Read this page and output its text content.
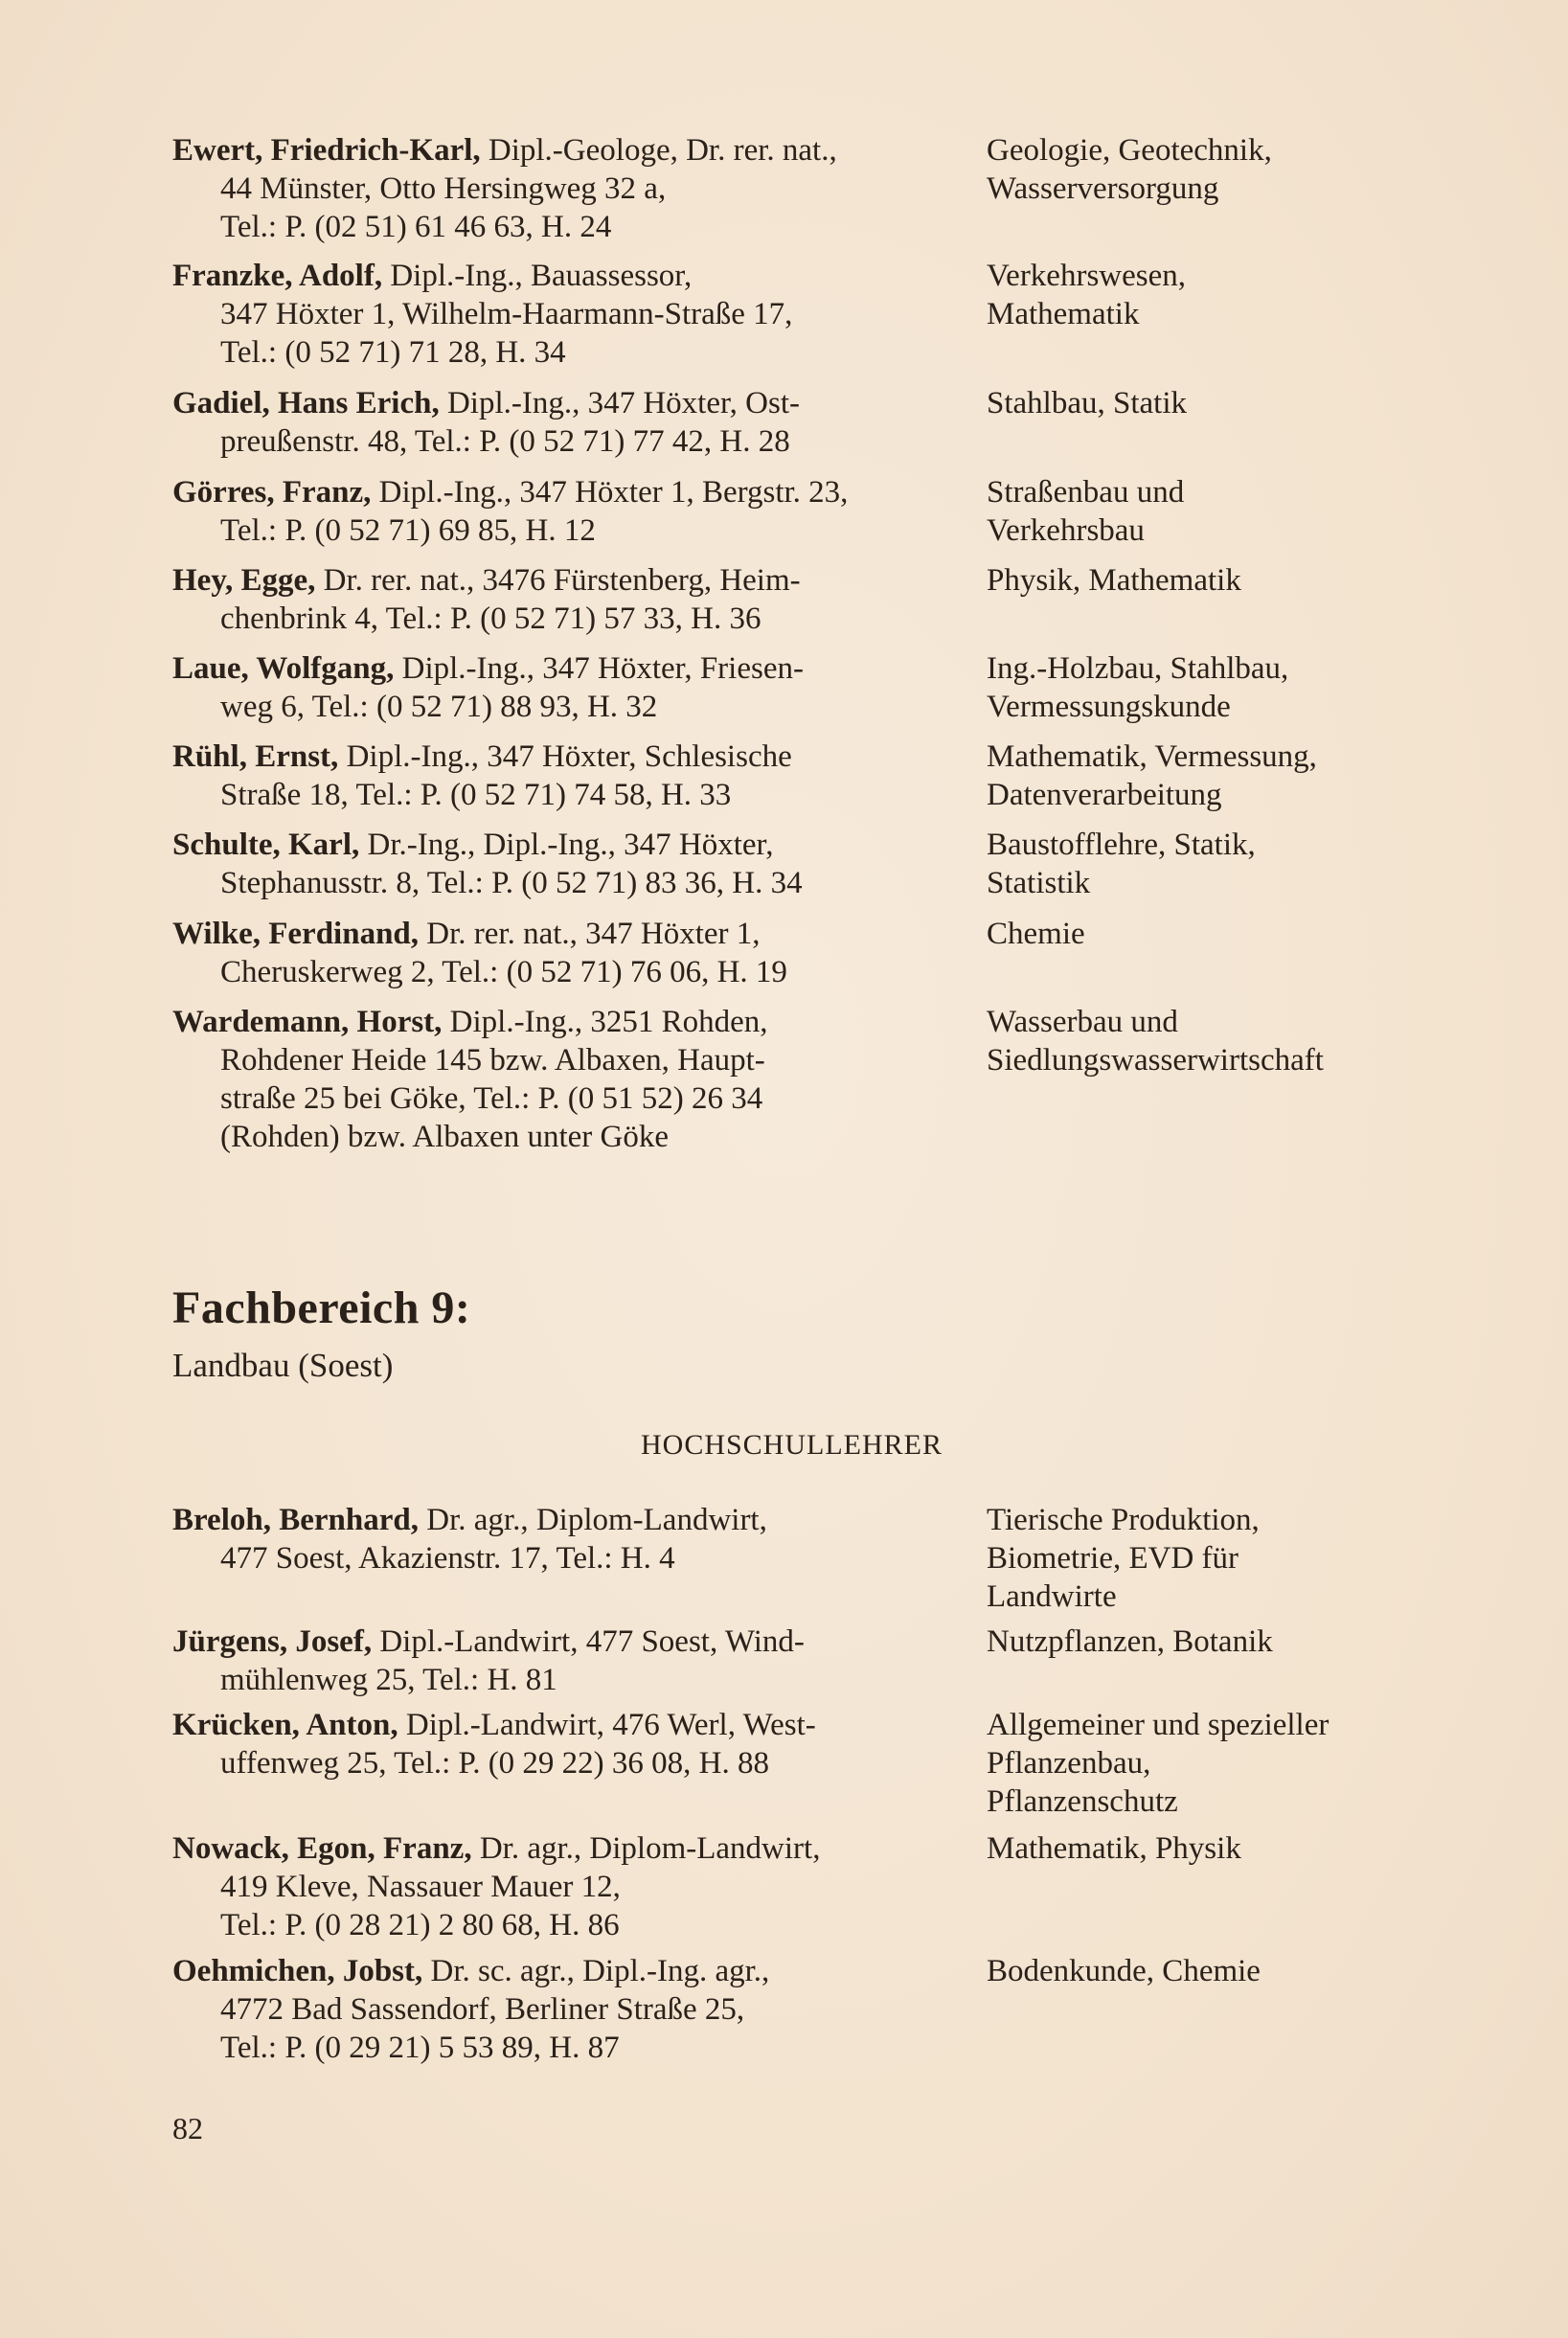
Ewert, Friedrich-Karl, Dipl.-Geologe, Dr. rer. nat.,
44 Münster, Otto Hersingweg 32 a,
Tel.: P. (02 51) 61 46 63, H. 24
Geologie, Geotechnik,
Wasserversorgung
Franzke, Adolf, Dipl.-Ing., Bauassessor,
347 Höxter 1, Wilhelm-Haarmann-Straße 17,
Tel.: (0 52 71) 71 28, H. 34
Verkehrswesen,
Mathematik
Gadiel, Hans Erich, Dipl.-Ing., 347 Höxter, Ost-
preußenstr. 48, Tel.: P. (0 52 71) 77 42, H. 28
Stahlbau, Statik
Görres, Franz, Dipl.-Ing., 347 Höxter 1, Bergstr. 23,
Tel.: P. (0 52 71) 69 85, H. 12
Straßenbau und
Verkehrsbau
Hey, Egge, Dr. rer. nat., 3476 Fürstenberg, Heim-
chenbrink 4, Tel.: P. (0 52 71) 57 33, H. 36
Physik, Mathematik
Laue, Wolfgang, Dipl.-Ing., 347 Höxter, Friesen-
weg 6, Tel.: (0 52 71) 88 93, H. 32
Ing.-Holzbau, Stahlbau,
Vermessungskunde
Rühl, Ernst, Dipl.-Ing., 347 Höxter, Schlesische
Straße 18, Tel.: P. (0 52 71) 74 58, H. 33
Mathematik, Vermessung,
Datenverarbeitung
Schulte, Karl, Dr.-Ing., Dipl.-Ing., 347 Höxter,
Stephanusstr. 8, Tel.: P. (0 52 71) 83 36, H. 34
Baustofflehre, Statik,
Statistik
Wilke, Ferdinand, Dr. rer. nat., 347 Höxter 1,
Cheruskerweg 2, Tel.: (0 52 71) 76 06, H. 19
Chemie
Wardemann, Horst, Dipl.-Ing., 3251 Rohden,
Rohdener Heide 145 bzw. Albaxen, Haupt-
straße 25 bei Göke, Tel.: P. (0 51 52) 26 34
(Rohden) bzw. Albaxen unter Göke
Wasserbau und
Siedlungswasserwirtschaft
Fachbereich 9:
Landbau (Soest)
HOCHSCHULLEHRER
Breloh, Bernhard, Dr. agr., Diplom-Landwirt,
477 Soest, Akazienstr. 17, Tel.: H. 4
Tierische Produktion,
Biometrie, EVD für
Landwirte
Jürgens, Josef, Dipl.-Landwirt, 477 Soest, Wind-
mühlenweg 25, Tel.: H. 81
Nutzpflanzen, Botanik
Krücken, Anton, Dipl.-Landwirt, 476 Werl, West-
uffenweg 25, Tel.: P. (0 29 22) 36 08, H. 88
Allgemeiner und spezieller
Pflanzenbau,
Pflanzenschutz
Nowack, Egon, Franz, Dr. agr., Diplom-Landwirt,
419 Kleve, Nassauer Mauer 12,
Tel.: P. (0 28 21) 2 80 68, H. 86
Mathematik, Physik
Oehmichen, Jobst, Dr. sc. agr., Dipl.-Ing. agr.,
4772 Bad Sassendorf, Berliner Straße 25,
Tel.: P. (0 29 21) 5 53 89, H. 87
Bodenkunde, Chemie
82
